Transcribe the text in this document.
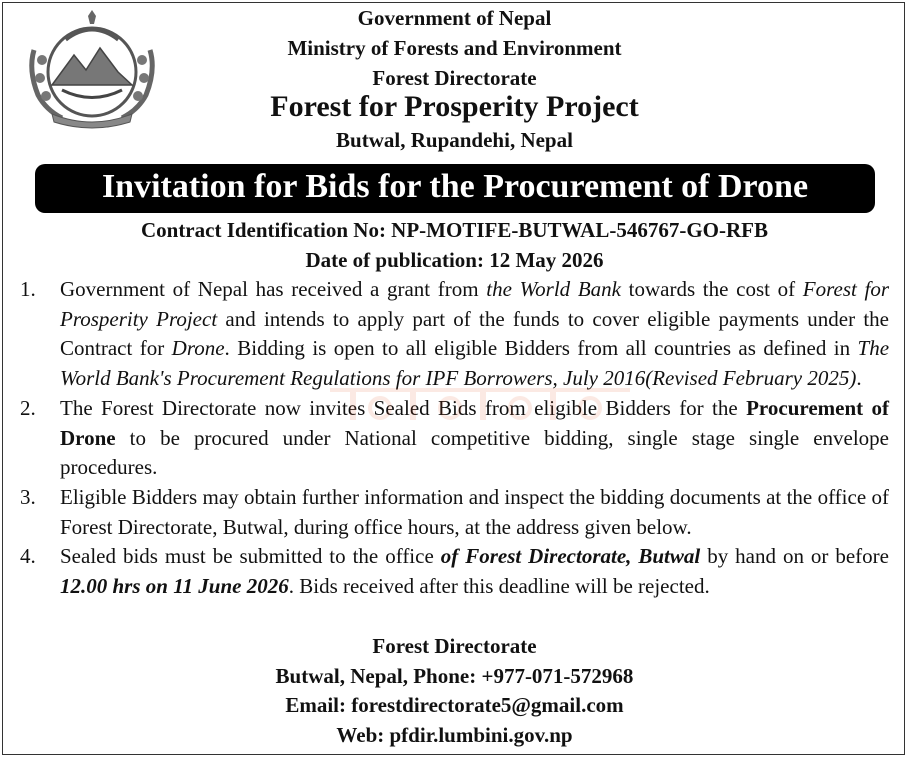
Government of Nepal
Ministry of Forests and Environment
Forest Directorate
Forest for Prosperity Project
Butwal, Rupandehi, Nepal
Invitation for Bids for the Procurement of Drone
Contract Identification No: NP-MOTIFE-BUTWAL-546767-GO-RFB
Date of publication: 12 May 2026
1. Government of Nepal has received a grant from the World Bank towards the cost of Forest for Prosperity Project and intends to apply part of the funds to cover eligible payments under the Contract for Drone. Bidding is open to all eligible Bidders from all countries as defined in The World Bank's Procurement Regulations for IPF Borrowers, July 2016(Revised February 2025).
2. The Forest Directorate now invites Sealed Bids from eligible Bidders for the Procurement of Drone to be procured under National competitive bidding, single stage single envelope procedures.
3. Eligible Bidders may obtain further information and inspect the bidding documents at the office of Forest Directorate, Butwal, during office hours, at the address given below.
4. Sealed bids must be submitted to the office of Forest Directorate, Butwal by hand on or before 12.00 hrs on 11 June 2026. Bids received after this deadline will be rejected.
Forest Directorate
Butwal, Nepal, Phone: +977-071-572968
Email: forestdirectorate5@gmail.com
Web: pfdir.lumbini.gov.np
